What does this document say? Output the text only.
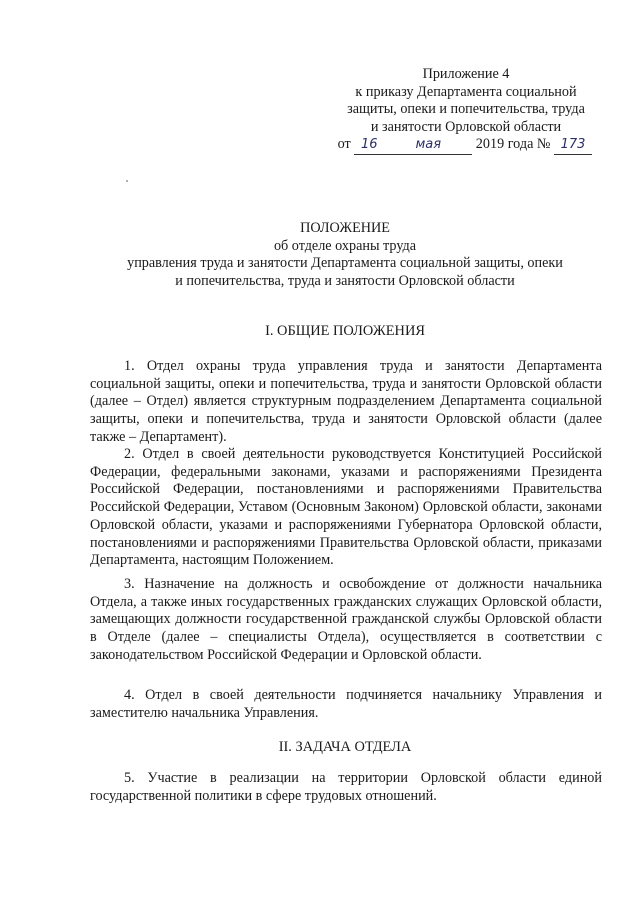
Приложение 4
к приказу Департамента социальной
защиты, опеки и попечительства, труда
и занятости Орловской области
от 16	мая 2019 года № 173
ПОЛОЖЕНИЕ
об отделе охраны труда
управления труда и занятости Департамента социальной защиты, опеки
и попечительства, труда и занятости Орловской области
I. ОБЩИЕ ПОЛОЖЕНИЯ
1. Отдел охраны труда управления труда и занятости Департамента социальной защиты, опеки и попечительства, труда и занятости Орловской области (далее – Отдел) является структурным подразделением Департамента социальной защиты, опеки и попечительства, труда и занятости Орловской области (далее также – Департамент).
2. Отдел в своей деятельности руководствуется Конституцией Российской Федерации, федеральными законами, указами и распоряжениями Президента Российской Федерации, постановлениями и распоряжениями Правительства Российской Федерации, Уставом (Основным Законом) Орловской области, законами Орловской области, указами и распоряжениями Губернатора Орловской области, постановлениями и распоряжениями Правительства Орловской области, приказами Департамента, настоящим Положением.
3. Назначение на должность и освобождение от должности начальника Отдела, а также иных государственных гражданских служащих Орловской области, замещающих должности государственной гражданской службы Орловской области в Отделе (далее – специалисты Отдела), осуществляется в соответствии с законодательством Российской Федерации и Орловской области.
4. Отдел в своей деятельности подчиняется начальнику Управления и заместителю начальника Управления.
II. ЗАДАЧА ОТДЕЛА
5. Участие в реализации на территории Орловской области единой государственной политики в сфере трудовых отношений.
